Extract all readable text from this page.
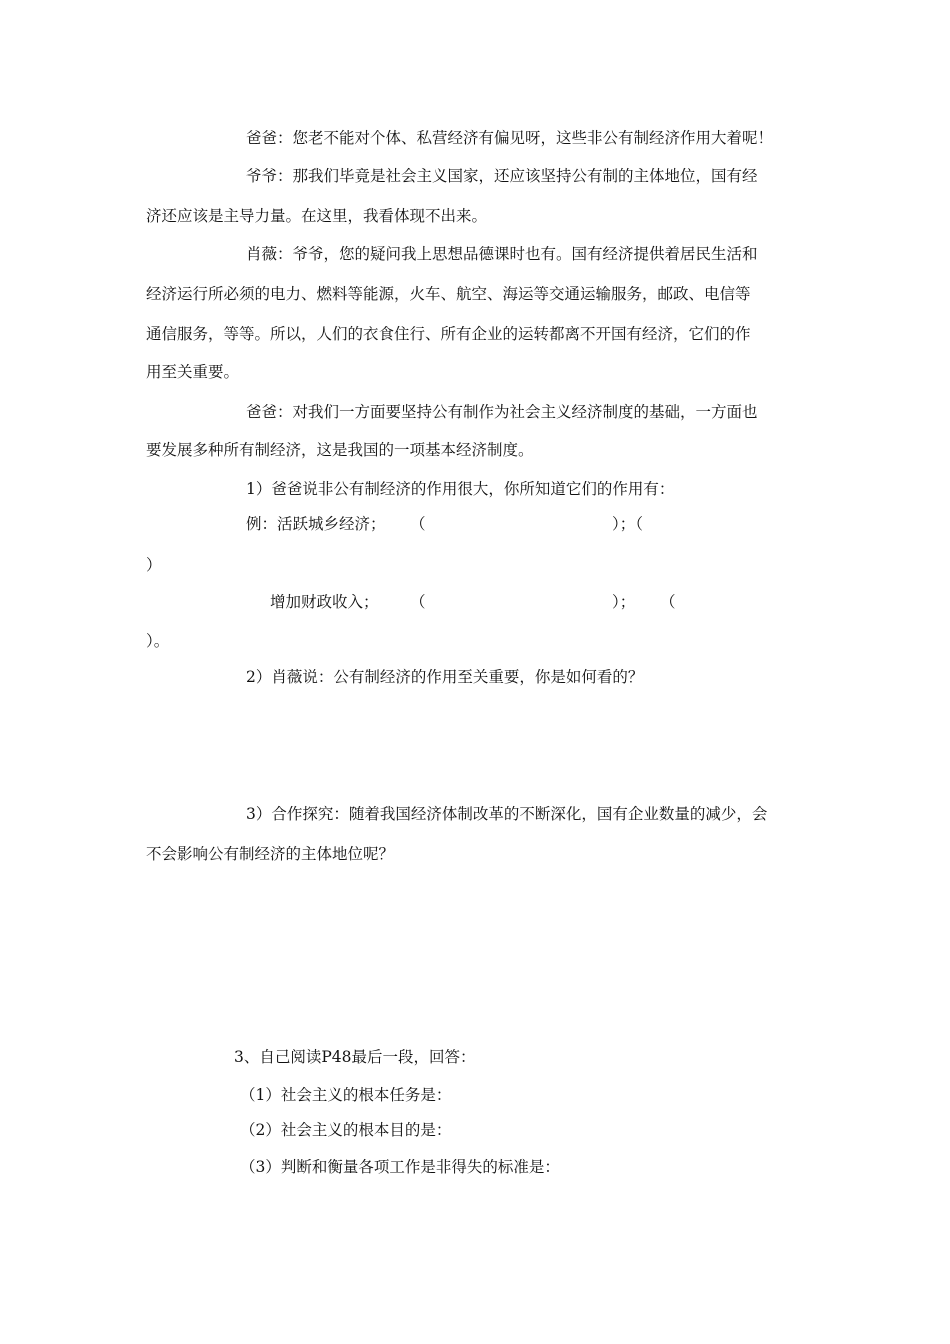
爸爸：您老不能对个体、私营经济有偏见呀，这些非公有制经济作用大着呢！
爷爷：那我们毕竟是社会主义国家，还应该坚持公有制的主体地位，国有经
济还应该是主导力量。在这里，我看体现不出来。
肖薇：爷爷，您的疑问我上思想品德课时也有。国有经济提供着居民生活和
经济运行所必须的电力、燃料等能源，火车、航空、海运等交通运输服务，邮政、电信等
通信服务，等等。所以，人们的衣食住行、所有企业的运转都离不开国有经济，它们的作
用至关重要。
爸爸：对我们一方面要坚持公有制作为社会主义经济制度的基础，一方面也
要发展多种所有制经济，这是我国的一项基本经济制度。
1）爸爸说非公有制经济的作用很大，你所知道它们的作用有：
例：活跃城乡经济； （	）；（
）
增加财政收入； （	）； （
）。
2）肖薇说：公有制经济的作用至关重要，你是如何看的？
3）合作探究：随着我国经济体制改革的不断深化，国有企业数量的减少，会
不会影响公有制经济的主体地位呢？
3、自己阅读P48最后一段，回答：
（1）社会主义的根本任务是：
（2）社会主义的根本目的是：
（3）判断和衡量各项工作是非得失的标准是：
